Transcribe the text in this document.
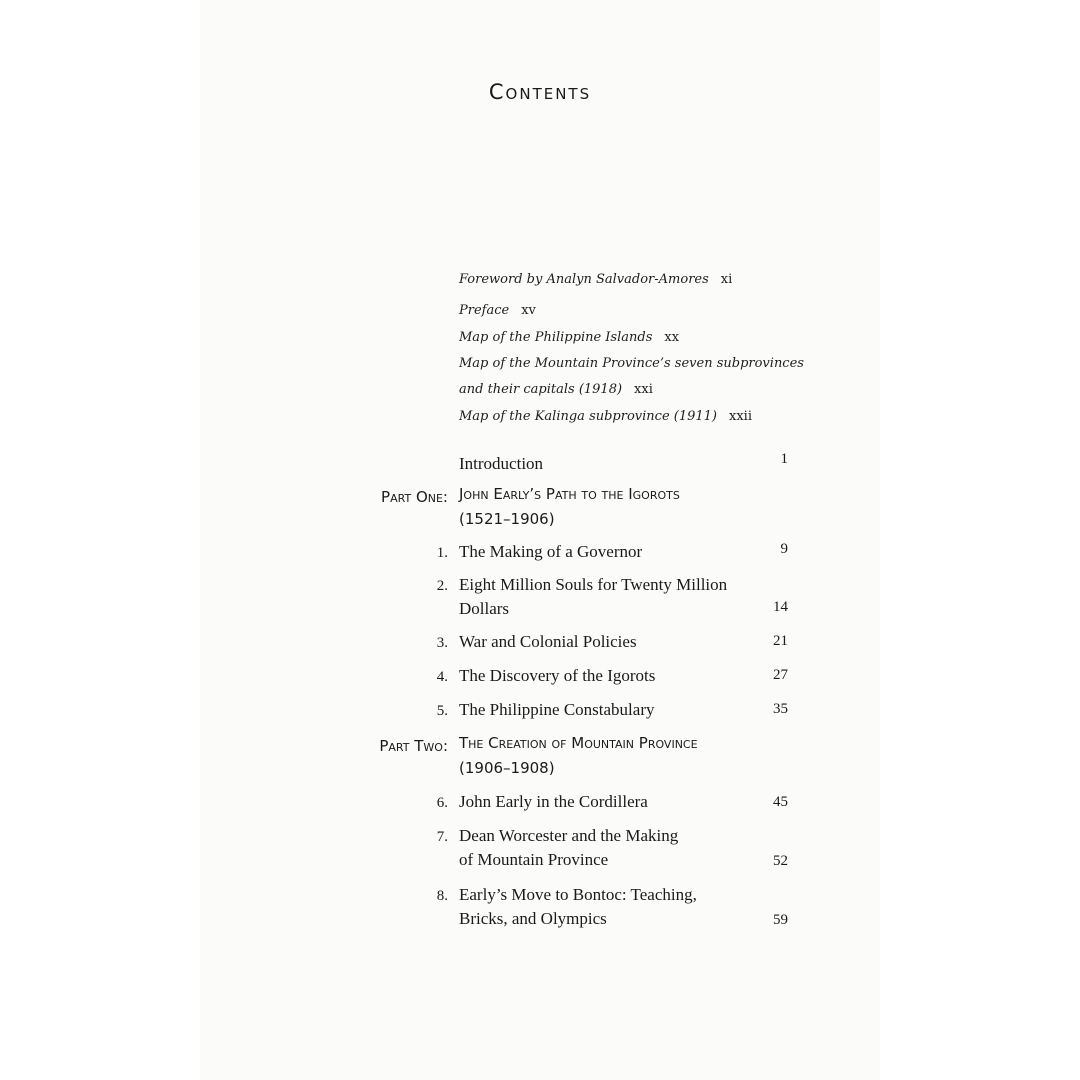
Contents
Foreword by Analyn Salvador-Amores xi
Preface xv
Map of the Philippine Islands xx
Map of the Mountain Province’s seven subprovinces
and their capitals (1918) xxi
Map of the Kalinga subprovince (1911) xxii
Introduction	1
Part One: John Early’s Path to the Igorots
(1521–1906)
1. The Making of a Governor	9
2. Eight Million Souls for Twenty Million
Dollars	14
3. War and Colonial Policies	21
4. The Discovery of the Igorots	27
5. The Philippine Constabulary	35
Part Two: The Creation of Mountain Province
(1906–1908)
6. John Early in the Cordillera	45
7. Dean Worcester and the Making
of Mountain Province	52
8. Early’s Move to Bontoc: Teaching,
Bricks, and Olympics	59
